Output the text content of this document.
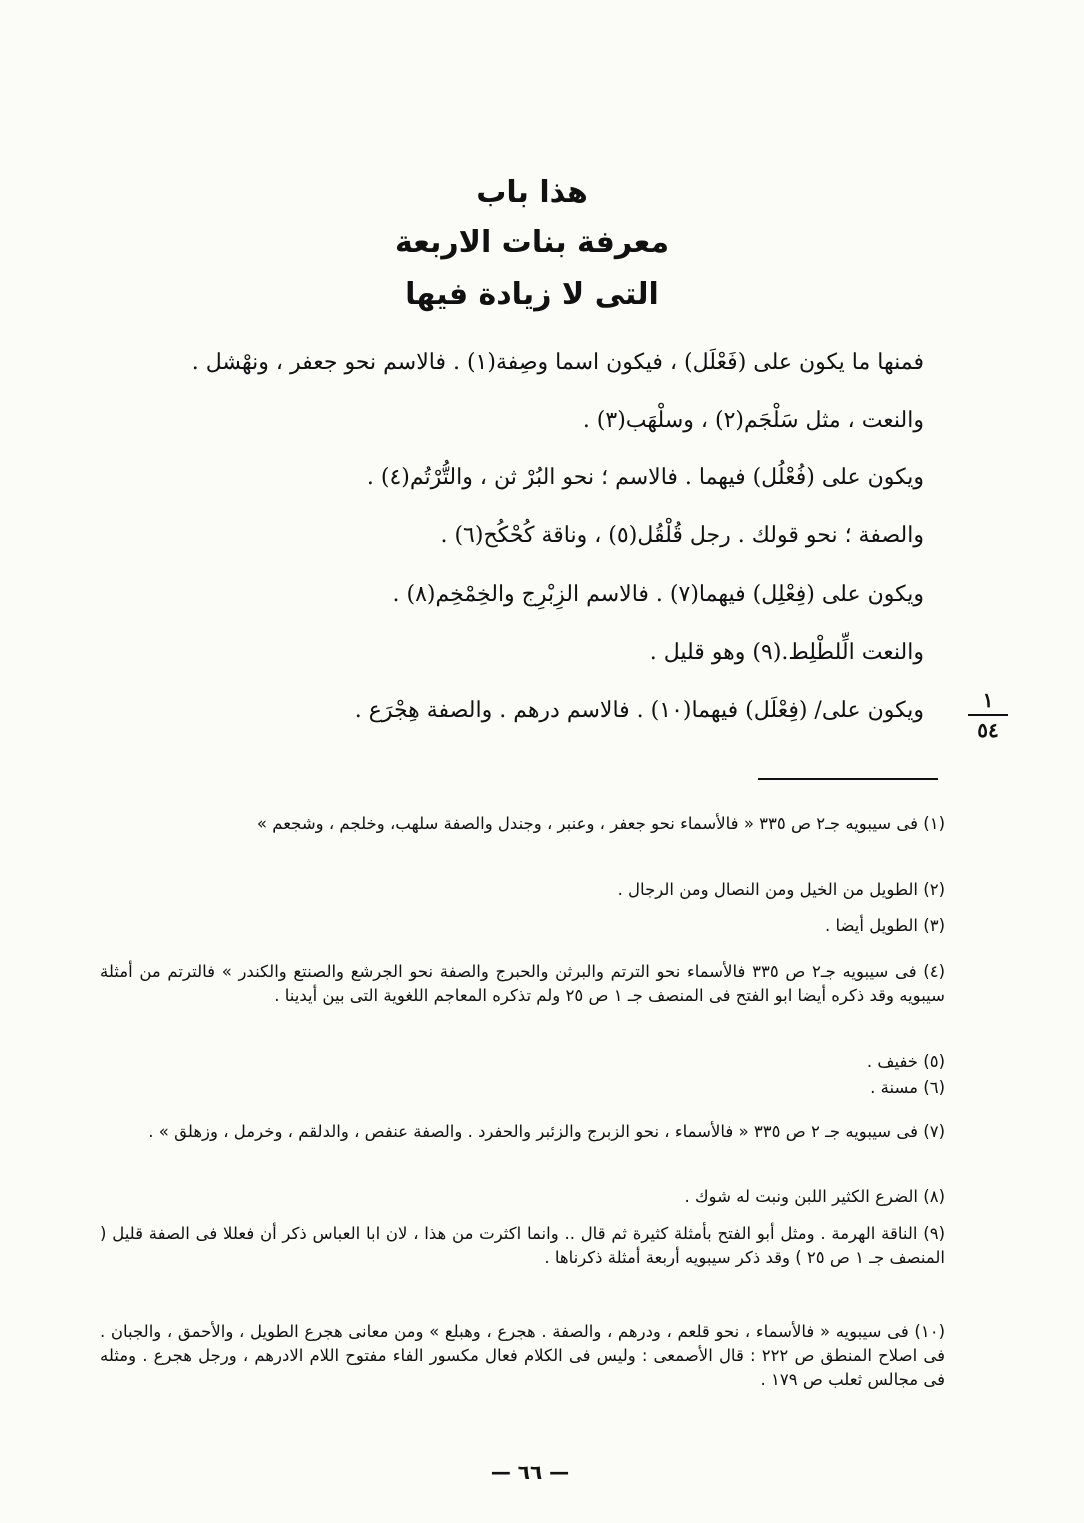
هذا باب
معرفة بنات الاربعة
التى لا زيادة فيها
فمنها ما يكون على (فَعْلَل) ، فيكون اسما وصِفة(١) . فالاسم نحو جعفر ، ونهْشل .
والنعت ، مثل سَلْجَم(٢) ، وسلْهَب(٣) .
ويكون على (فُعْلُل) فيهما . فالاسم ؛ نحو البُرْ ثن ، والتُّرْتُم(٤) .
والصفة ؛ نحو قولك . رجل قُلْقُل(٥) ، وناقة كُحْكُح(٦) .
ويكون على (فِعْلِل) فيهما(٧) . فالاسم الزِبْرِج والخِمْخِم(٨) .
والنعت الِّلطْلِط.(٩) وهو قليل .
ويكون على/ (فِعْلَل) فيهما(١٠) . فالاسم درهم . والصفة هِجْرَع .	١
٥٤
(١) فى سيبويه جـ٢ ص ٣٣٥ « فالأسماء نحو جعفر ، وعنبر ، وجندل والصفة سلهب، وخلجم ، وشجعم »
(٢) الطويل من الخيل ومن النصال ومن الرجال .
(٣) الطويل أيضا .
(٤) فى سيبويه جـ٢ ص ٣٣٥ فالأسماء نحو الترتم والبرثن والحبرج والصفة نحو الجرشع والصنتع والكندر » فالترتم من أمثلة سيبويه وقد ذكره أيضا ابو الفتح فى المنصف جـ ١ ص ٢٥ ولم تذكره المعاجم اللغوية التى بين أيدينا .
(٥) خفيف .
(٦) مسنة .
(٧) فى سيبويه جـ ٢ ص ٣٣٥ « فالأسماء ، نحو الزبرج والزئبر والحفرد . والصفة عنفص ، والدلقم ، وخرمل ، وزهلق » .
(٨) الضرع الكثير اللبن ونبت له شوك .
(٩) الناقة الهرمة . ومثل أبو الفتح بأمثلة كثيرة ثم قال .. وانما اكثرت من هذا ، لان ابا العباس ذكر أن فعللا فى الصفة قليل ( المنصف جـ ١ ص ٢٥ ) وقد ذكر سيبويه أربعة أمثلة ذكرناها .
(١٠) فى سيبويه « فالأسماء ، نحو قلعم ، ودرهم ، والصفة . هجرع ، وهبلع » ومن معانى هجرع الطويل ، والأحمق ، والجبان . فى اصلاح المنطق ص ٢٢٢ : قال الأصمعى : وليس فى الكلام فعال مكسور الفاء مفتوح اللام الادرهم ، ورجل هجرع . ومثله فى مجالس ثعلب ص ١٧٩ .
— ٦٦ —
